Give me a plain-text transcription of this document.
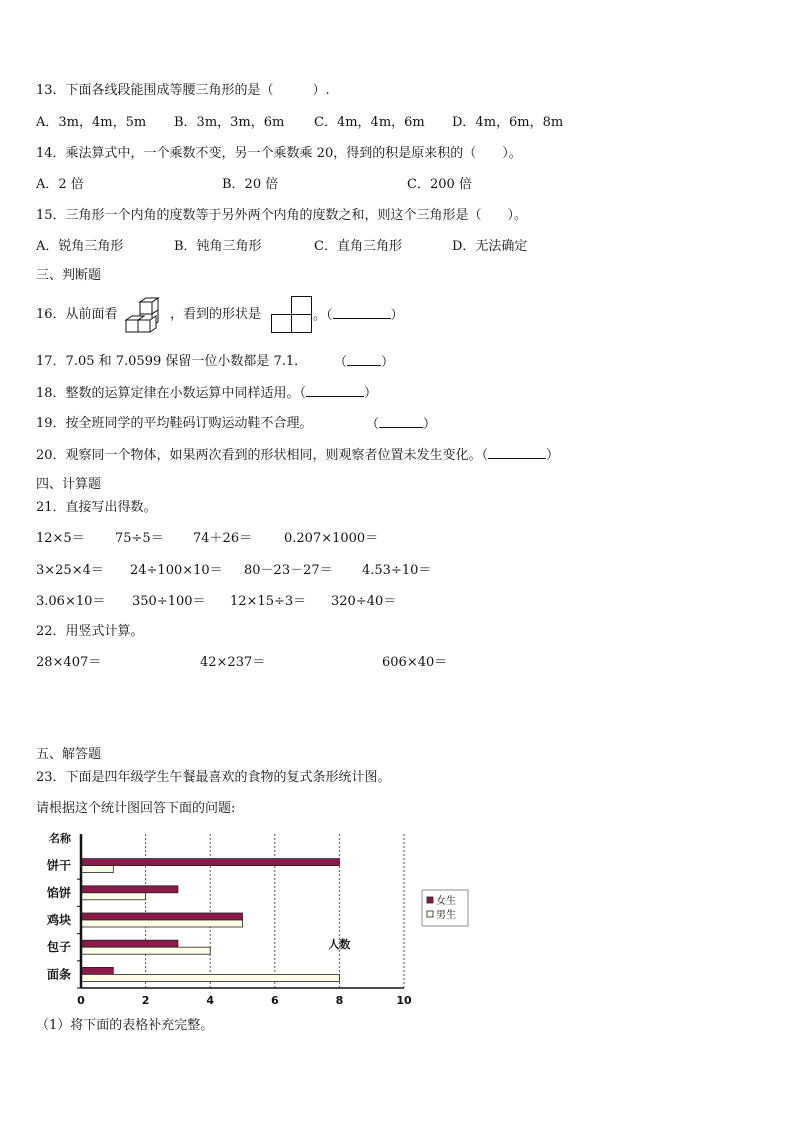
13．下面各线段能围成等腰三角形的是（　　　）.
A．3m，4m，5m B．3m，3m，6m C．4m，4m，6m D．4m，6m，8m
14．乘法算式中，一个乘数不变，另一个乘数乘 20，得到的积是原来积的（　　）。
A．2 倍	B．20 倍	C．200 倍
15．三角形一个内角的度数等于另外两个内角的度数之和，则这个三角形是（　　）。
A．锐角三角形	B．钝角三角形	C．直角三角形	D．无法确定
三、判断题
16．从前面看	，看到的形状是	。（	）
17．7.05 和 7.0599 保留一位小数都是 7.1． （	）
18．整数的运算定律在小数运算中同样适用。（	）
19．按全班同学的平均鞋码订购运动鞋不合理。	（	）
20．观察同一个物体，如果两次看到的形状相同，则观察者位置未发生变化。（	）
四、计算题
21．直接写出得数。
12×5＝ 75÷5＝ 74＋26＝ 0.207×1000＝
3×25×4＝ 24÷100×10＝ 80－23－27＝ 4.53÷10＝
3.06×10＝ 350÷100＝ 12×15÷3＝ 320÷40＝
22．用竖式计算。
28×407＝	42×237＝	606×40＝
五、解答题
23．下面是四年级学生午餐最喜欢的食物的复式条形统计图。
请根据这个统计图回答下面的问题:
饼干
馅饼
鸡块
包子
面条
0	2	4	6	8	10
名称
人数
女生
男生
（1）将下面的表格补充完整。
